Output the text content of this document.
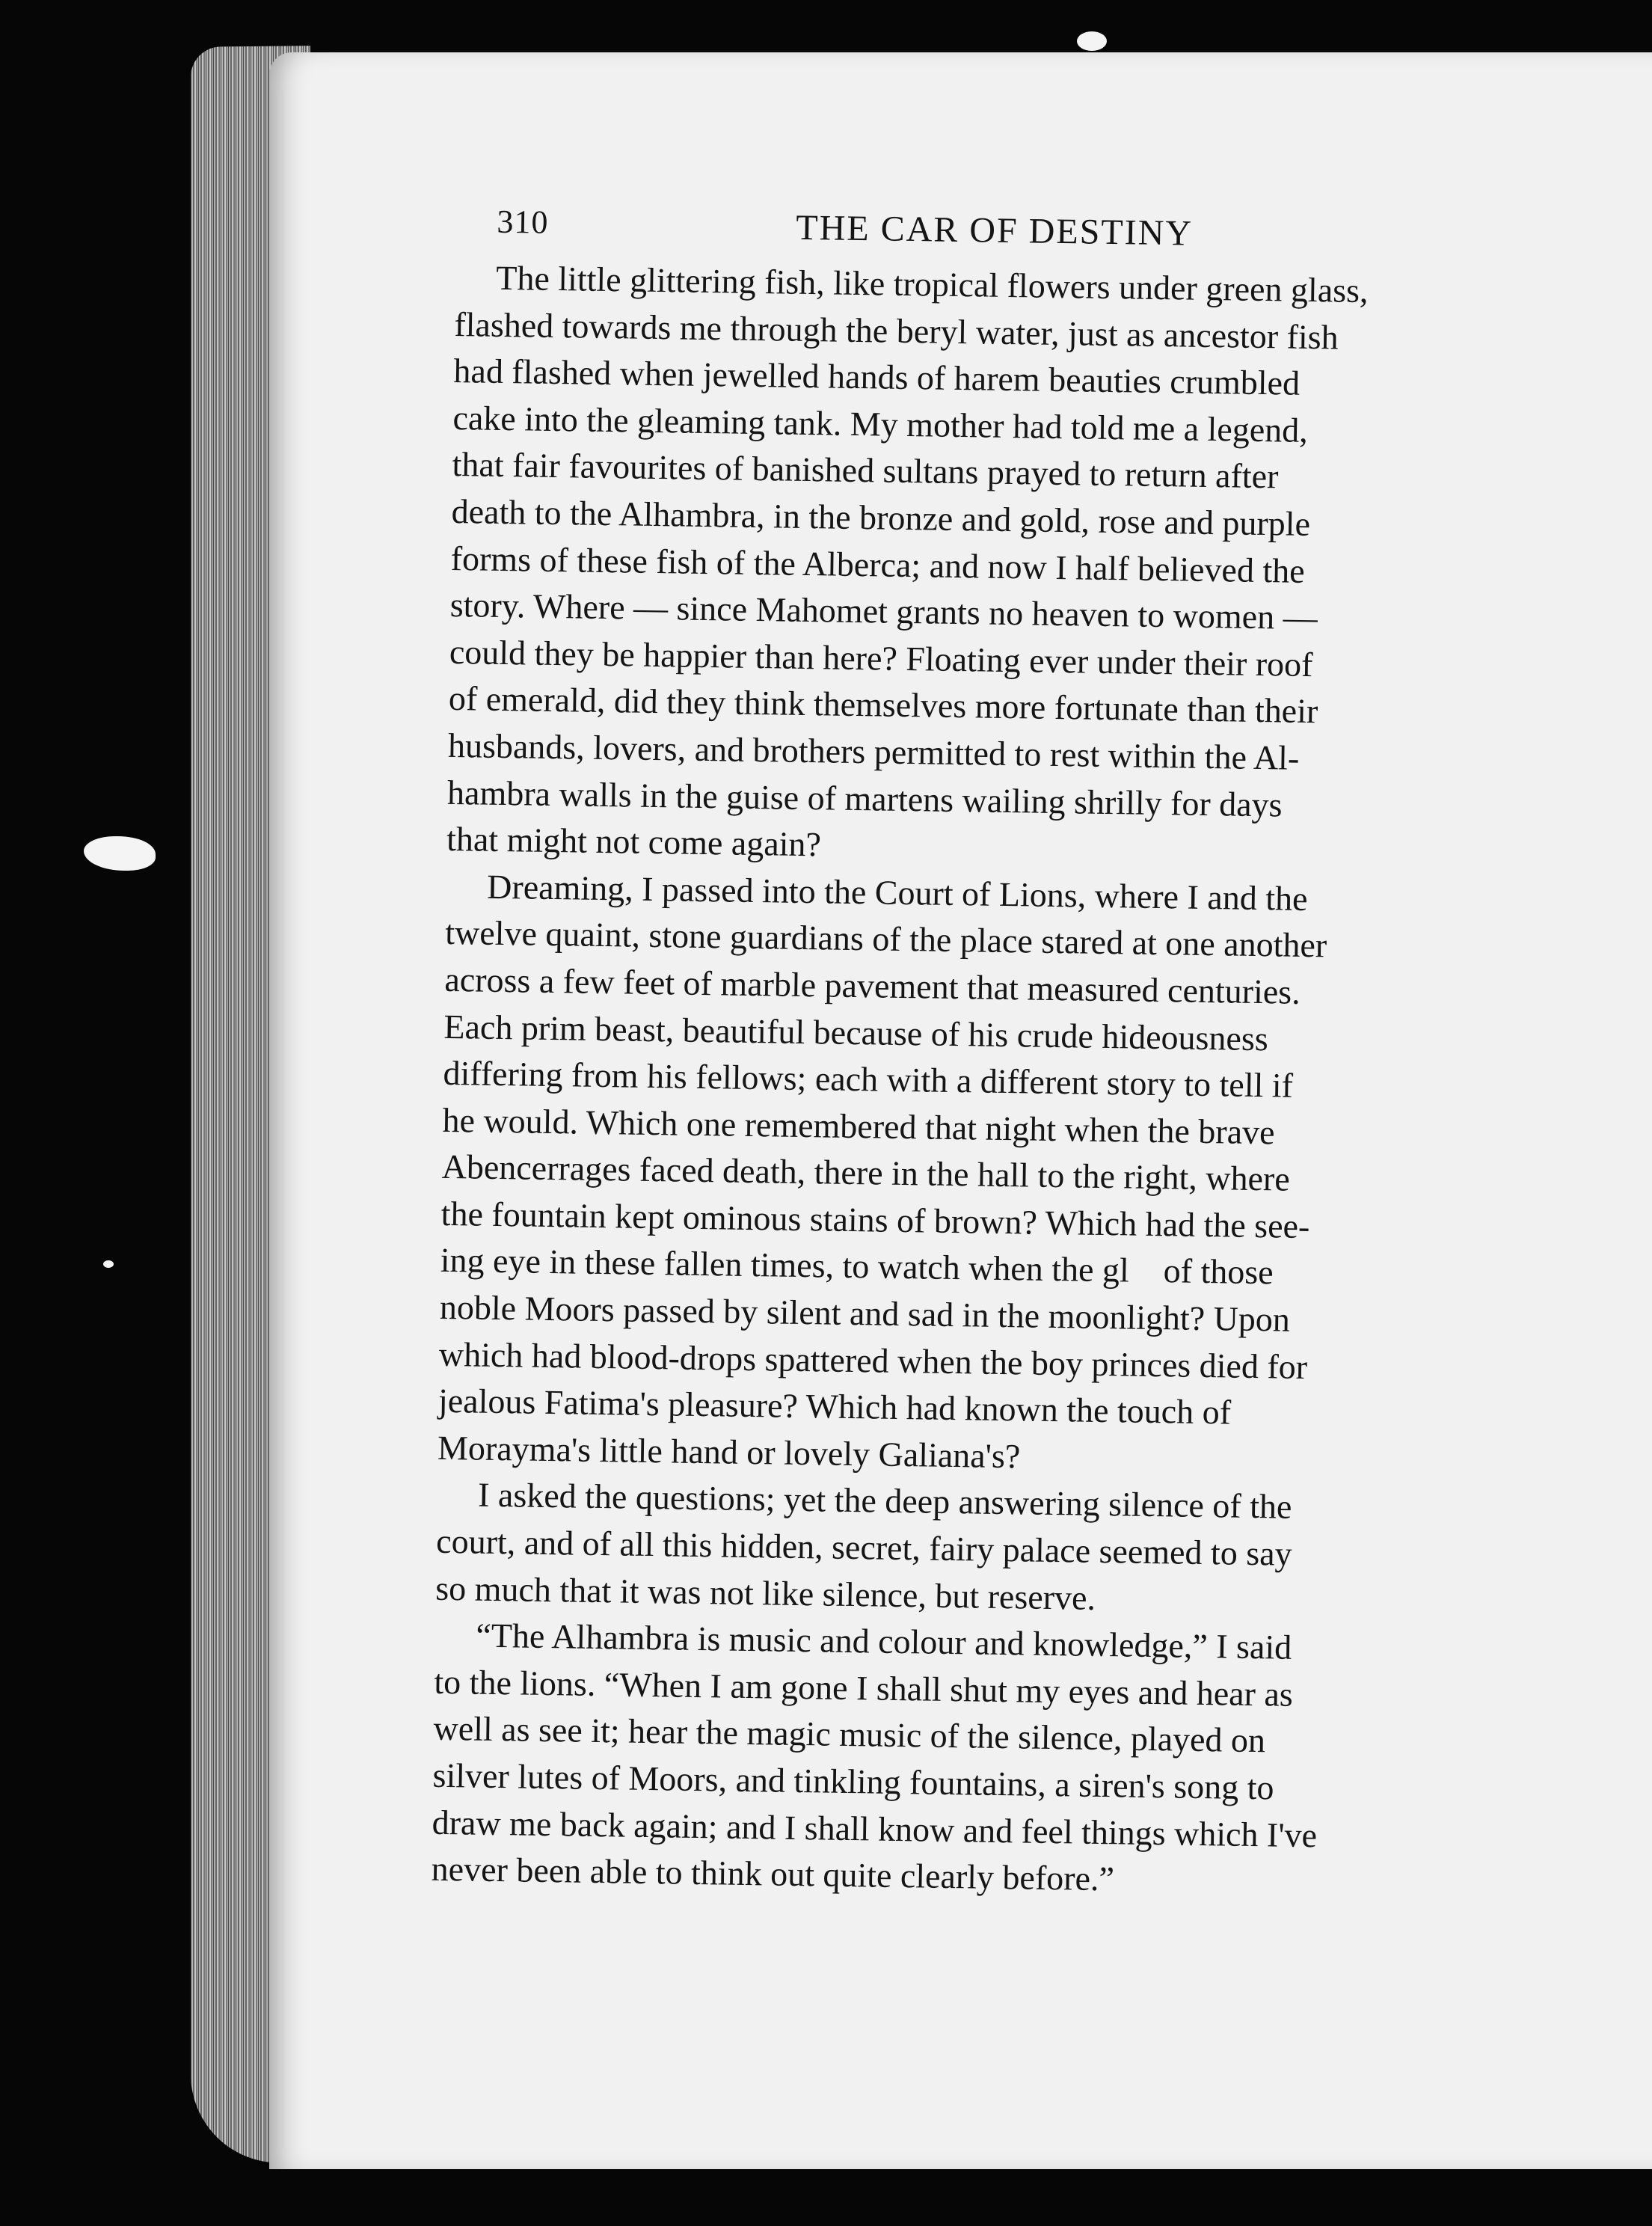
310	THE CAR OF DESTINY

The little glittering fish, like tropical flowers under green glass,
flashed towards me through the beryl water, just as ancestor fish
had flashed when jewelled hands of harem beauties crumbled
cake into the gleaming tank. My mother had told me a legend,
that fair favourites of banished sultans prayed to return after
death to the Alhambra, in the bronze and gold, rose and purple
forms of these fish of the Alberca; and now I half believed the
story. Where — since Mahomet grants no heaven to women —
could they be happier than here? Floating ever under their roof
of emerald, did they think themselves more fortunate than their
husbands, lovers, and brothers permitted to rest within the Al-
hambra walls in the guise of martens wailing shrilly for days
that might not come again?

Dreaming, I passed into the Court of Lions, where I and the
twelve quaint, stone guardians of the place stared at one another
across a few feet of marble pavement that measured centuries.
Each prim beast, beautiful because of his crude hideousness
differing from his fellows; each with a different story to tell if
he would. Which one remembered that night when the brave
Abencerrages faced death, there in the hall to the right, where
the fountain kept ominous stains of brown? Which had the see-
ing eye in these fallen times, to watch when the gl    of those
noble Moors passed by silent and sad in the moonlight? Upon
which had blood-drops spattered when the boy princes died for
jealous Fatima's pleasure? Which had known the touch of
Morayma's little hand or lovely Galiana's?

I asked the questions; yet the deep answering silence of the
court, and of all this hidden, secret, fairy palace seemed to say
so much that it was not like silence, but reserve.

“The Alhambra is music and colour and knowledge,” I said
to the lions. “When I am gone I shall shut my eyes and hear as
well as see it; hear the magic music of the silence, played on
silver lutes of Moors, and tinkling fountains, a siren's song to
draw me back again; and I shall know and feel things which I've
never been able to think out quite clearly before.”
